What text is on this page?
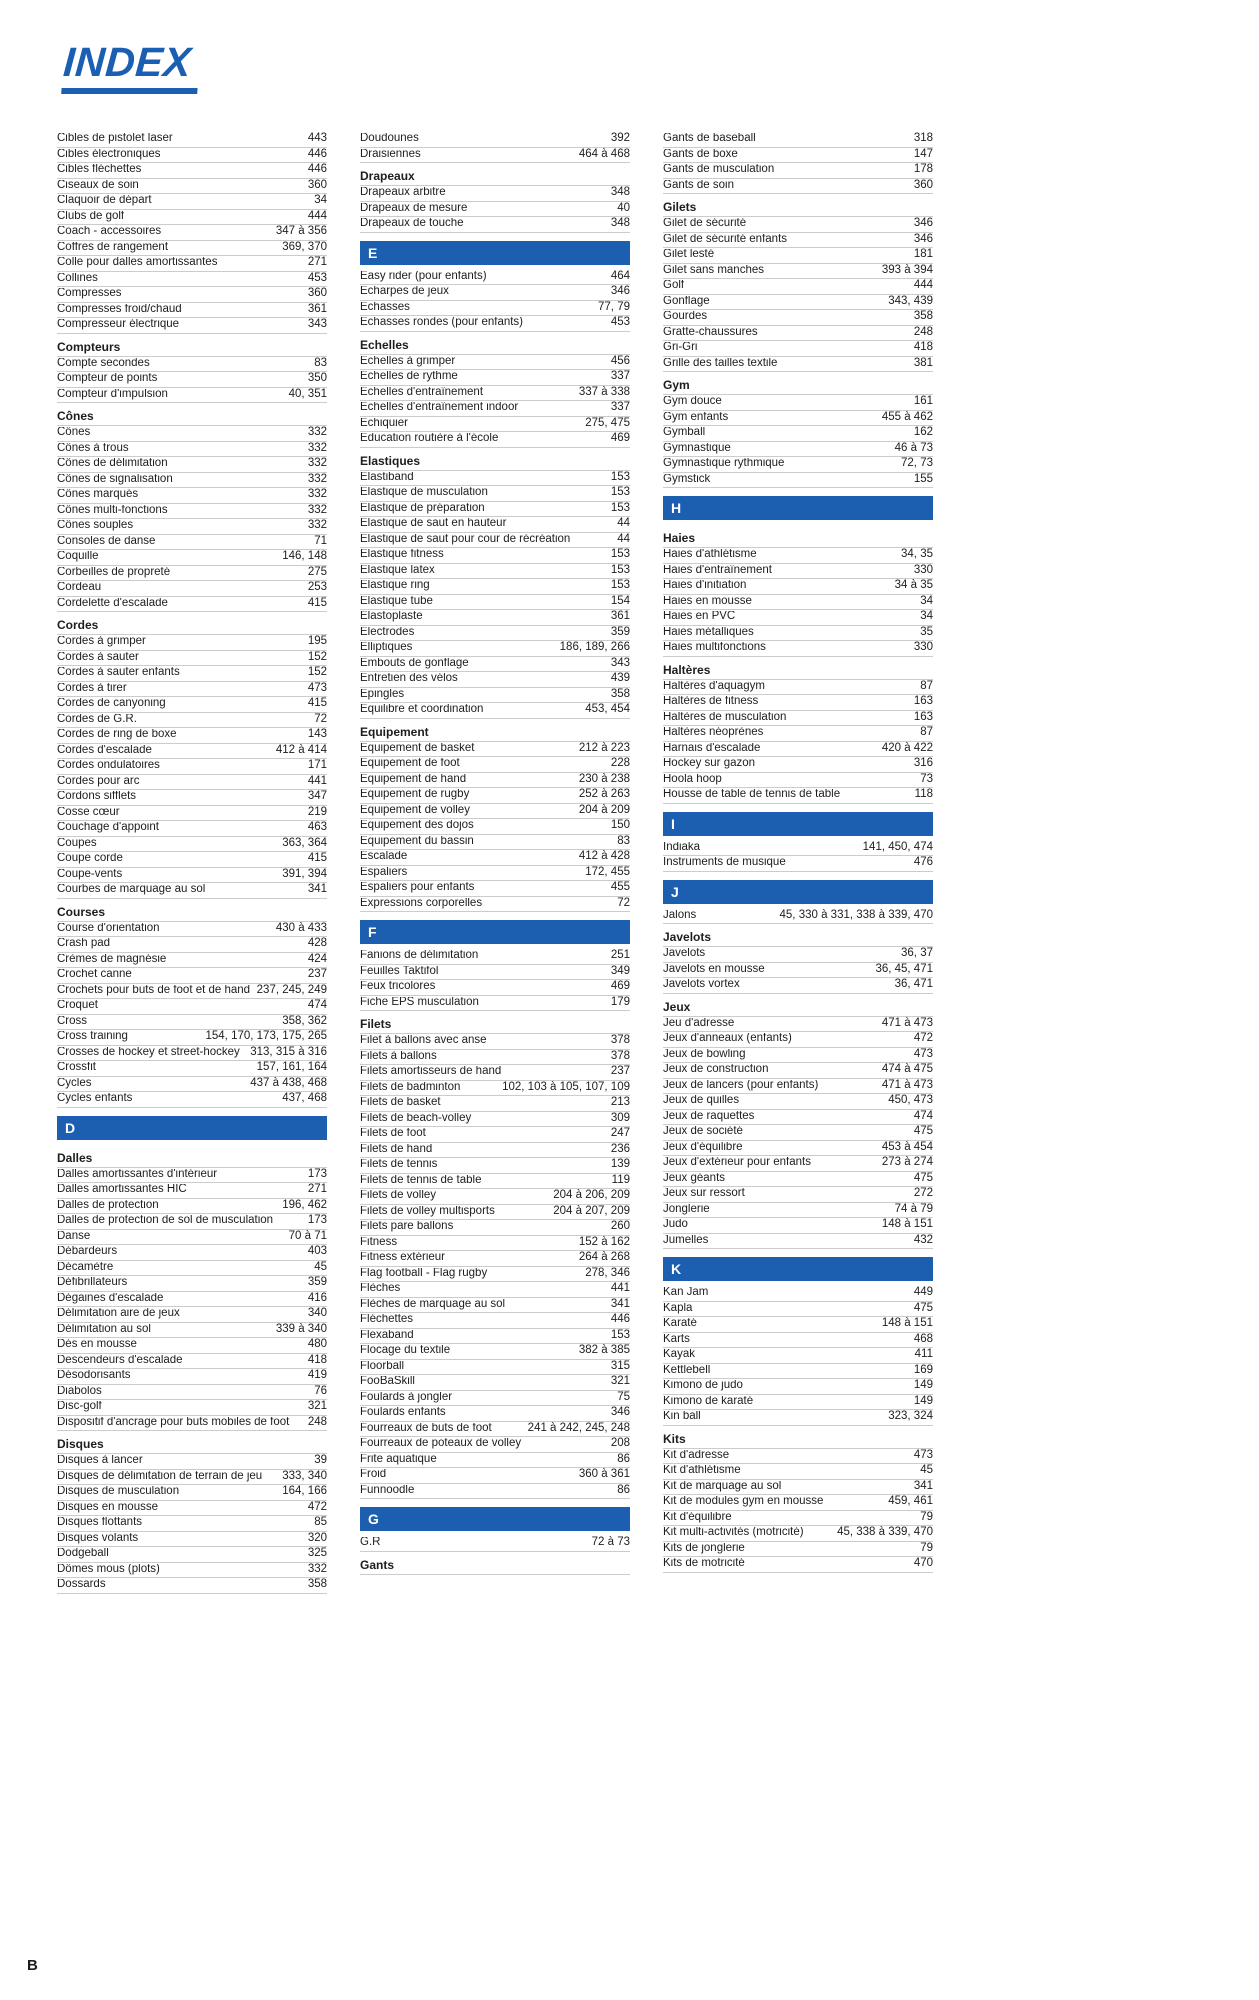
INDEX
Cibles de pistolet laser	443
Cibles électroniques	446
Cibles fléchettes	446
Ciseaux de soin	360
Claquoir de départ	34
Clubs de golf	444
Coach - accessoires	347 à 356
Coffres de rangement	369, 370
Colle pour dalles amortissantes	271
Collines	453
Compresses	360
Compresses froid/chaud	361
Compresseur électrique	343
Compteurs
Compte secondes	83
Compteur de points	350
Compteur d'impulsion	40, 351
Cônes
Cônes	332
Cônes à trous	332
Cônes de délimitation	332
Cônes de signalisation	332
Cônes marqués	332
Cônes multi-fonctions	332
Cônes souples	332
Consoles de danse	71
Coquille	146, 148
Corbeilles de propreté	275
Cordeau	253
Cordelette d'escalade	415
Cordes
Cordes à grimper	195
Cordes à sauter	152
Cordes à sauter enfants	152
Cordes à tirer	473
Cordes de canyoning	415
Cordes de G.R.	72
Cordes de ring de boxe	143
Cordes d'escalade	412 à 414
Cordes ondulatoires	171
Cordes pour arc	441
Cordons sifflets	347
Cosse cœur	219
Couchage d'appoint	463
Coupes	363, 364
Coupe corde	415
Coupe-vents	391, 394
Courbes de marquage au sol	341
Courses
Course d'orientation	430 à 433
Crash pad	428
Crèmes de magnésie	424
Crochet canne	237
Crochets pour buts de foot et de hand 237, 245, 249
Croquet	474
Cross	358, 362
Cross training	154, 170, 173, 175, 265
Crosses de hockey et street-hockey 313, 315 à 316
Crossfit	157, 161, 164
Cycles	437 à 438, 468
Cycles enfants	437, 468
D
Dalles
Dalles amortissantes d'intérieur	173
Dalles amortissantes HIC	271
Dalles de protection	196, 462
Dalles de protection de sol de musculation	173
Danse	70 à 71
Débardeurs	403
Décamètre	45
Défibrillateurs	359
Dégaines d'escalade	416
Délimitation aire de jeux	340
Délimitation au sol	339 à 340
Dés en mousse	480
Descendeurs d'escalade	418
Désodorisants	419
Diabolos	76
Disc-golf	321
Dispositif d'ancrage pour buts mobiles de foot	248
Disques
Disques à lancer	39
Disques de délimitation de terrain de jeu	333, 340
Disques de musculation	164, 166
Disques en mousse	472
Disques flottants	85
Disques volants	320
Dodgeball	325
Dômes mous (plots)	332
Dossards	358
Doudounes	392
Draisiennes	464 à 468
Drapeaux
Drapeaux arbitre	348
Drapeaux de mesure	40
Drapeaux de touche	348
E
Easy rider (pour enfants)	464
Echarpes de jeux	346
Echasses	77, 79
Echasses rondes (pour enfants)	453
Echelles
Echelles à grimper	456
Echelles de rythme	337
Echelles d'entraînement	337 à 338
Echelles d'entraînement indoor	337
Echiquier	275, 475
Education routière à l'école	469
Elastiques
Elastiband	153
Elastique de musculation	153
Elastique de préparation	153
Elastique de saut en hauteur	44
Elastique de saut pour cour de récréation	44
Elastique fitness	153
Elastique latex	153
Elastique ring	153
Elastique tube	154
Elastoplaste	361
Electrodes	359
Elliptiques	186, 189, 266
Embouts de gonflage	343
Entretien des vélos	439
Epingles	358
Equilibre et coordination	453, 454
Equipement
Equipement de basket	212 à 223
Equipement de foot	228
Equipement de hand	230 à 238
Equipement de rugby	252 à 263
Equipement de volley	204 à 209
Equipement des dojos	150
Equipement du bassin	83
Escalade	412 à 428
Espaliers	172, 455
Espaliers pour enfants	455
Expressions corporelles	72
F
Fanions de délimitation	251
Feuilles Taktifol	349
Feux tricolores	469
Fiche EPS musculation	179
Filets
Filet à ballons avec anse	378
Filets à ballons	378
Filets amortisseurs de hand	237
Filets de badminton	102, 103 à 105, 107, 109
Filets de basket	213
Filets de beach-volley	309
Filets de foot	247
Filets de hand	236
Filets de tennis	139
Filets de tennis de table	119
Filets de volley	204 à 206, 209
Filets de volley multisports	204 à 207, 209
Filets pare ballons	260
Fitness	152 à 162
Fitness extérieur	264 à 268
Flag football - Flag rugby	278, 346
Flèches	441
Flèches de marquage au sol	341
Fléchettes	446
Flexaband	153
Flocage du textile	382 à 385
Floorball	315
FooBaSkill	321
Foulards à jongler	75
Foulards enfants	346
Fourreaux de buts de foot	241 à 242, 245, 248
Fourreaux de poteaux de volley	208
Frite aquatique	86
Froid	360 à 361
Funnoodle	86
G
G.R	72 à 73
Gants
Gants de baseball	318
Gants de boxe	147
Gants de musculation	178
Gants de soin	360
Gilets
Gilet de sécurité	346
Gilet de sécurité enfants	346
Gilet lesté	181
Gilet sans manches	393 à 394
Golf	444
Gonflage	343, 439
Gourdes	358
Gratte-chaussures	248
Gri-Gri	418
Grille des tailles textile	381
Gym
Gym douce	161
Gym enfants	455 à 462
Gymball	162
Gymnastique	46 à 73
Gymnastique rythmique	72, 73
Gymstick	155
H
Haies
Haies d'athlétisme	34, 35
Haies d'entraînement	330
Haies d'initiation	34 à 35
Haies en mousse	34
Haies en PVC	34
Haies métalliques	35
Haies multifonctions	330
Haltères
Haltères d'aquagym	87
Haltères de fitness	163
Haltères de musculation	163
Haltères néoprènes	87
Harnais d'escalade	420 à 422
Hockey sur gazon	316
Hoola hoop	73
Housse de table de tennis de table	118
I
Indiaka	141, 450, 474
Instruments de musique	476
J
Jalons	45, 330 à 331, 338 à 339, 470
Javelots
Javelots	36, 37
Javelots en mousse	36, 45, 471
Javelots vortex	36, 471
Jeux
Jeu d'adresse	471 à 473
Jeux d'anneaux (enfants)	472
Jeux de bowling	473
Jeux de construction	474 à 475
Jeux de lancers (pour enfants)	471 à 473
Jeux de quilles	450, 473
Jeux de raquettes	474
Jeux de société	475
Jeux d'équilibre	453 à 454
Jeux d'extérieur pour enfants	273 à 274
Jeux géants	475
Jeux sur ressort	272
Jonglerie	74 à 79
Judo	148 à 151
Jumelles	432
K
Kan Jam	449
Kapla	475
Karaté	148 à 151
Karts	468
Kayak	411
Kettlebell	169
Kimono de judo	149
Kimono de karaté	149
Kin ball	323, 324
Kits
Kit d'adresse	473
Kit d'athlétisme	45
Kit de marquage au sol	341
Kit de modules gym en mousse	459, 461
Kit d'équilibre	79
Kit multi-activités (motricité)	45, 338 à 339, 470
Kits de jonglerie	79
Kits de motricité	470
B
